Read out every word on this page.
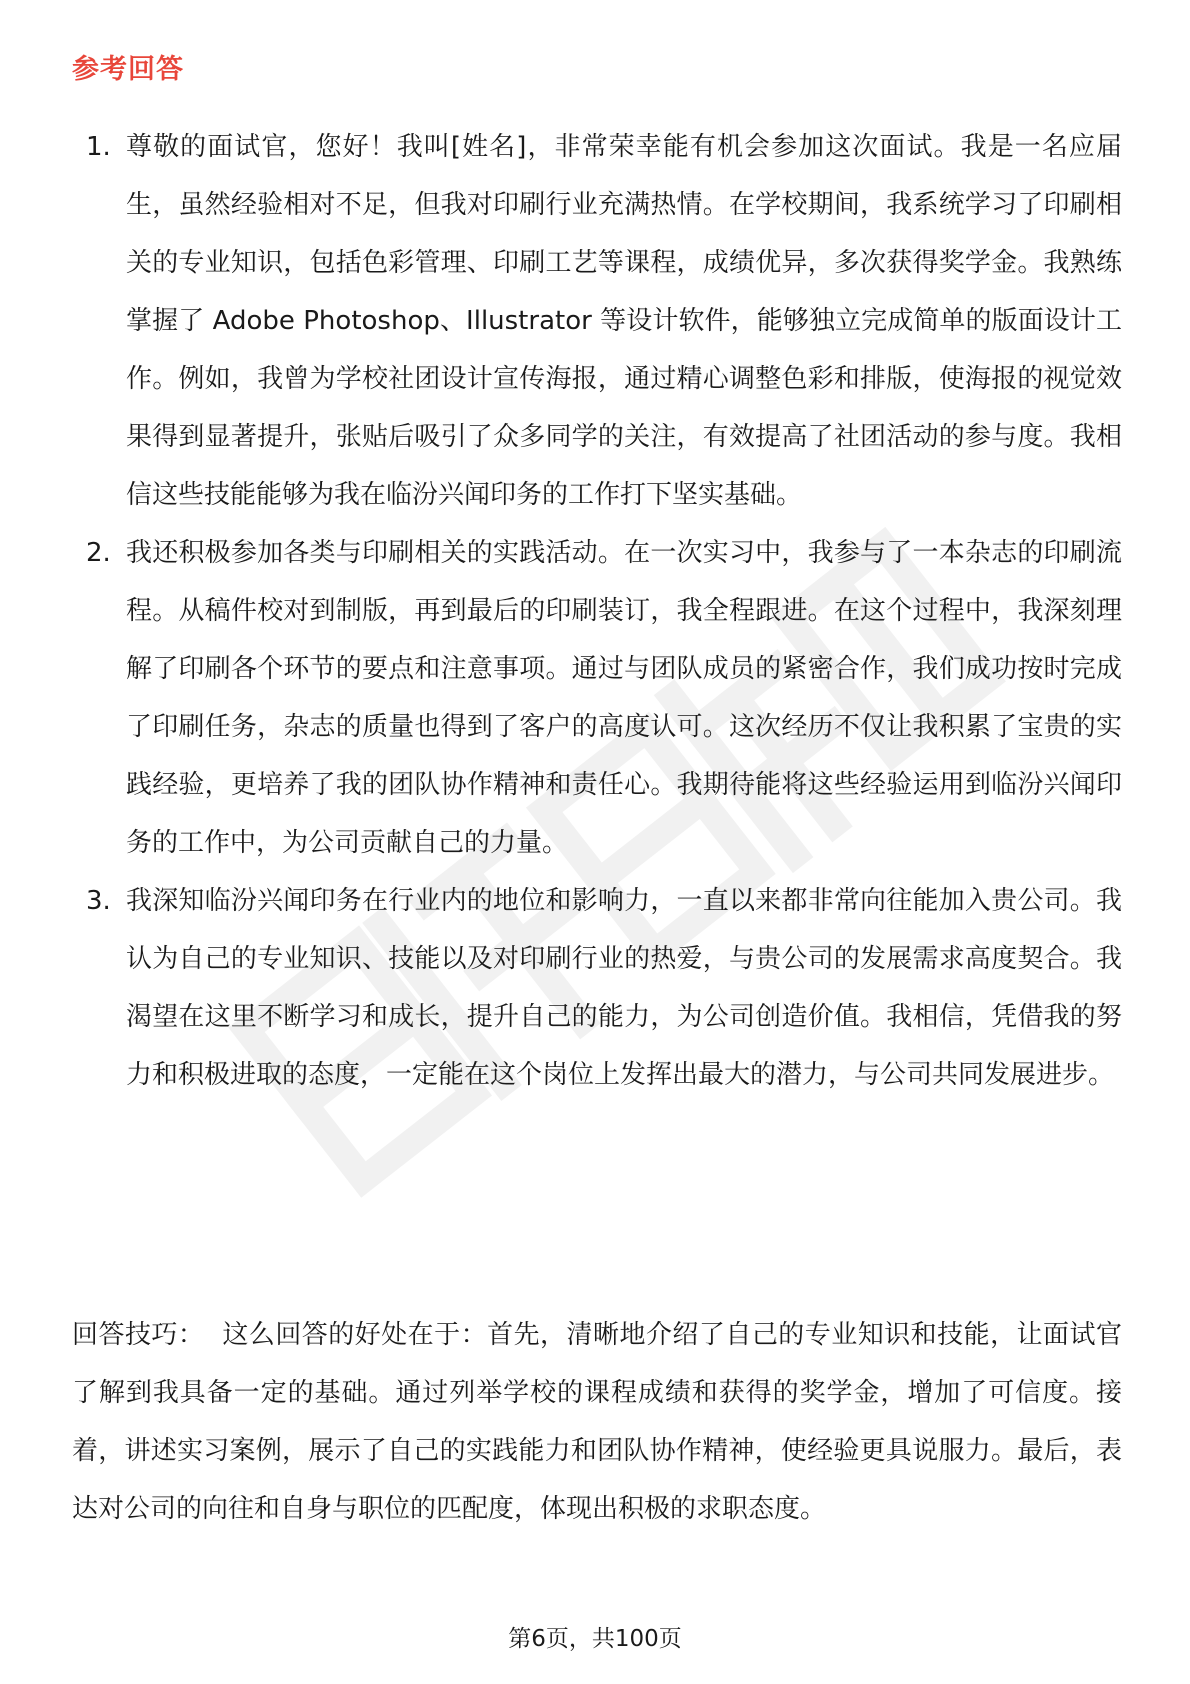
参考回答
1. 尊敬的面试官，您好！我叫[姓名]，非常荣幸能有机会参加这次面试。我是一名应届生，虽然经验相对不足，但我对印刷行业充满热情。在学校期间，我系统学习了印刷相关的专业知识，包括色彩管理、印刷工艺等课程，成绩优异，多次获得奖学金。我熟练掌握了 Adobe Photoshop、Illustrator 等设计软件，能够独立完成简单的版面设计工作。例如，我曾为学校社团设计宣传海报，通过精心调整色彩和排版，使海报的视觉效果得到显著提升，张贴后吸引了众多同学的关注，有效提高了社团活动的参与度。我相信这些技能能够为我在临汾兴闻印务的工作打下坚实基础。
2. 我还积极参加各类与印刷相关的实践活动。在一次实习中，我参与了一本杂志的印刷流程。从稿件校对到制版，再到最后的印刷装订，我全程跟进。在这个过程中，我深刻理解了印刷各个环节的要点和注意事项。通过与团队成员的紧密合作，我们成功按时完成了印刷任务，杂志的质量也得到了客户的高度认可。这次经历不仅让我积累了宝贵的实践经验，更培养了我的团队协作精神和责任心。我期待能将这些经验运用到临汾兴闻印务的工作中，为公司贡献自己的力量。
3. 我深知临汾兴闻印务在行业内的地位和影响力，一直以来都非常向往能加入贵公司。我认为自己的专业知识、技能以及对印刷行业的热爱，与贵公司的发展需求高度契合。我渴望在这里不断学习和成长，提升自己的能力，为公司创造价值。我相信，凭借我的努力和积极进取的态度，一定能在这个岗位上发挥出最大的潜力，与公司共同发展进步。

回答技巧： 这么回答的好处在于：首先，清晰地介绍了自己的专业知识和技能，让面试官了解到我具备一定的基础。通过列举学校的课程成绩和获得的奖学金，增加了可信度。接着，讲述实习案例，展示了自己的实践能力和团队协作精神，使经验更具说服力。最后，表达对公司的向往和自身与职位的匹配度，体现出积极的求职态度。

第6页，共100页
